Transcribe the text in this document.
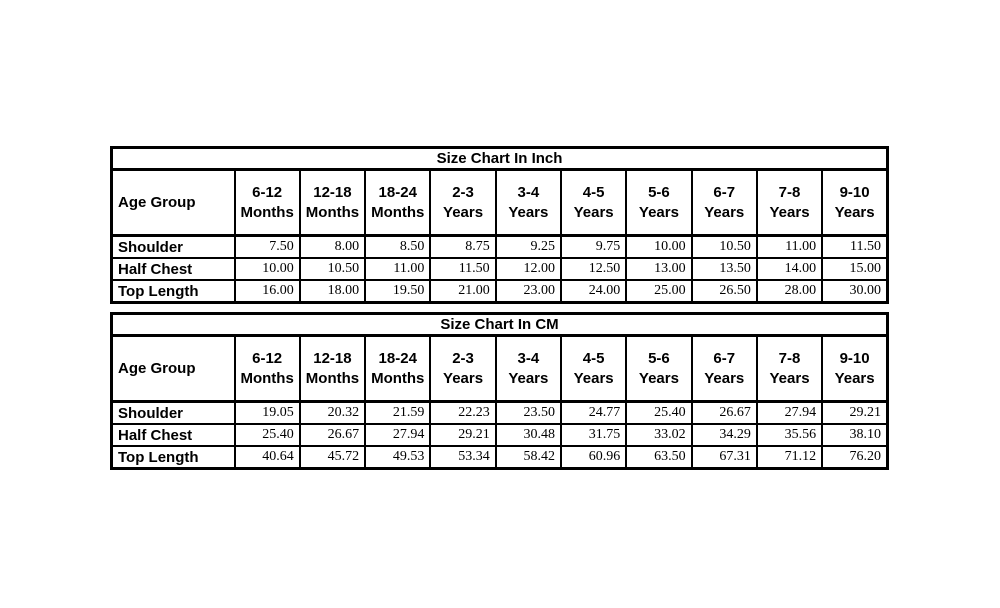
Size Chart In Inch										
Age Group	6-12 Months	12-18 Months	18-24 Months	2-3 Years	3-4 Years	4-5 Years	5-6 Years	6-7 Years	7-8 Years	9-10 Years
Shoulder	7.50	8.00	8.50	8.75	9.25	9.75	10.00	10.50	11.00	11.50
Half Chest	10.00	10.50	11.00	11.50	12.00	12.50	13.00	13.50	14.00	15.00
Top Length	16.00	18.00	19.50	21.00	23.00	24.00	25.00	26.50	28.00	30.00
Size Chart In CM										
Age Group	6-12 Months	12-18 Months	18-24 Months	2-3 Years	3-4 Years	4-5 Years	5-6 Years	6-7 Years	7-8 Years	9-10 Years
Shoulder	19.05	20.32	21.59	22.23	23.50	24.77	25.40	26.67	27.94	29.21
Half Chest	25.40	26.67	27.94	29.21	30.48	31.75	33.02	34.29	35.56	38.10
Top Length	40.64	45.72	49.53	53.34	58.42	60.96	63.50	67.31	71.12	76.20
